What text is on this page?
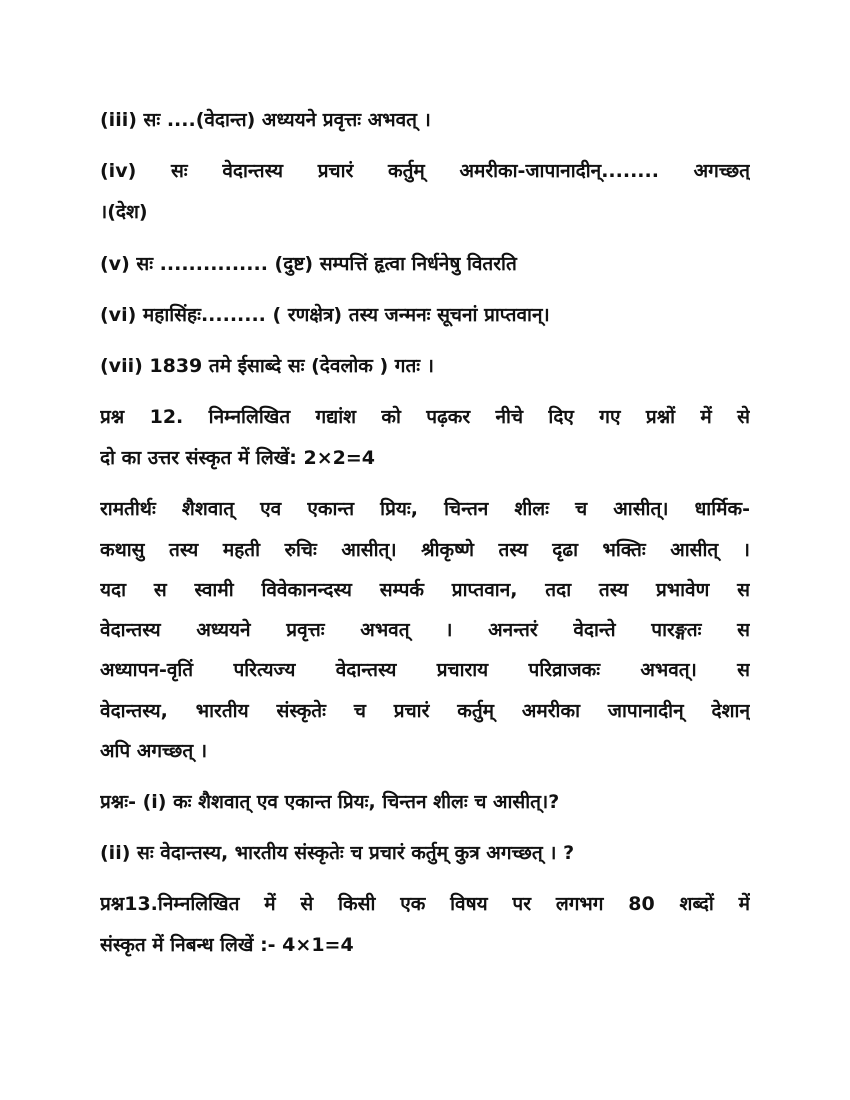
(iii) सः ....(वेदान्त) अध्ययने प्रवृत्तः अभवत् ।
(iv) सः वेदान्तस्य प्रचारं कर्तुम् अमरीका-जापानादीन्........ अगच्छत्
।(देश)
(v) सः ............... (दुष्ट) सम्पत्तिं हृत्वा निर्धनेषु वितरति
(vi) महासिंहः......... ( रणक्षेत्र) तस्य जन्मनः सूचनां प्राप्तवान्।
(vii) 1839 तमे ईसाब्दे सः (देवलोक ) गतः ।
प्रश्न 12. निम्नलिखित गद्यांश को पढ़कर नीचे दिए गए प्रश्नों में से
दो का उत्तर संस्कृत में लिखें: 2×2=4
रामतीर्थः शैशवात् एव एकान्त प्रियः, चिन्तन शीलः च आसीत्। धार्मिक-
कथासु तस्य महती रुचिः आसीत्। श्रीकृष्णे तस्य दृढा भक्तिः आसीत् ।
यदा स स्वामी विवेकानन्दस्य सम्पर्क प्राप्तवान, तदा तस्य प्रभावेण स
वेदान्तस्य अध्ययने प्रवृत्तः अभवत् । अनन्तरं वेदान्ते पारङ्गतः स
अध्यापन-वृतिं परित्यज्य वेदान्तस्य प्रचाराय परिव्राजकः अभवत्। स
वेदान्तस्य, भारतीय संस्कृतेः च प्रचारं कर्तुम् अमरीका जापानादीन् देशान्
अपि अगच्छत् ।
प्रश्नः- (i) कः शैशवात् एव एकान्त प्रियः, चिन्तन शीलः च आसीत्।?
(ii) सः वेदान्तस्य, भारतीय संस्कृतेः च प्रचारं कर्तुम् कुत्र अगच्छत् । ?
प्रश्न13.निम्नलिखित में से किसी एक विषय पर लगभग 80 शब्दों में
संस्कृत में निबन्ध लिखें :- 4×1=4
